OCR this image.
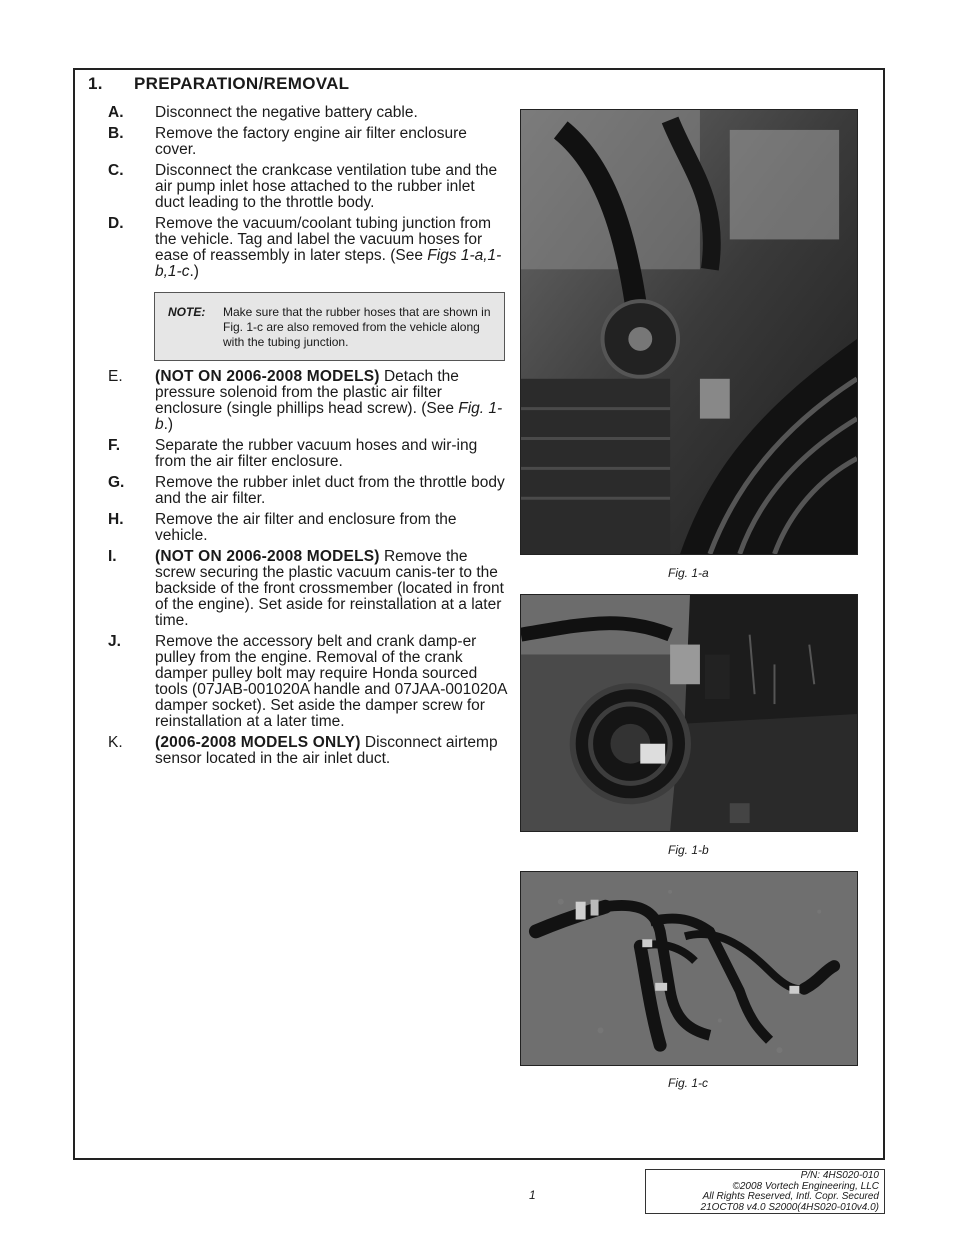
1. PREPARATION/REMOVAL
A.	Disconnect the negative battery cable.
B.	Remove the factory engine air filter enclosure cover.
C.	Disconnect the crankcase ventilation tube and the air pump inlet hose attached to the rubber inlet duct leading to the throttle body.
D.	Remove the vacuum/coolant tubing junction from the vehicle. Tag and label the vacuum hoses for ease of reassembly in later steps. (See Figs 1-a,1-b,1-c.)
E.	(NOT ON 2006-2008 MODELS) Detach the pressure solenoid from the plastic air filter enclosure (single phillips head screw). (See Fig. 1-b.)
F.	Separate the rubber vacuum hoses and wir-ing from the air filter enclosure.
G.	Remove the rubber inlet duct from the throttle body and the air filter.
H.	Remove the air filter and enclosure from the vehicle.
I.	(NOT ON 2006-2008 MODELS) Remove the screw securing the plastic vacuum canis-ter to the backside of the front crossmember (located in front of the engine). Set aside for reinstallation at a later time.
J.	Remove the accessory belt and crank damp-er pulley from the engine. Removal of the crank damper pulley bolt may require Honda sourced tools (07JAB-001020A handle and 07JAA-001020A damper socket). Set aside the damper screw for reinstallation at a later time.
K.	(2006-2008 MODELS ONLY) Disconnect airtemp sensor located in the air inlet duct.
NOTE: Make sure that the rubber hoses that are shown in Fig. 1-c are also removed from the vehicle along with the tubing junction.
Fig. 1-a
Fig. 1-b
Fig. 1-c
1
P/N: 4HS020-010
©2008 Vortech Engineering, LLC
All Rights Reserved, Intl. Copr. Secured
21OCT08 v4.0 S2000(4HS020-010v4.0)
